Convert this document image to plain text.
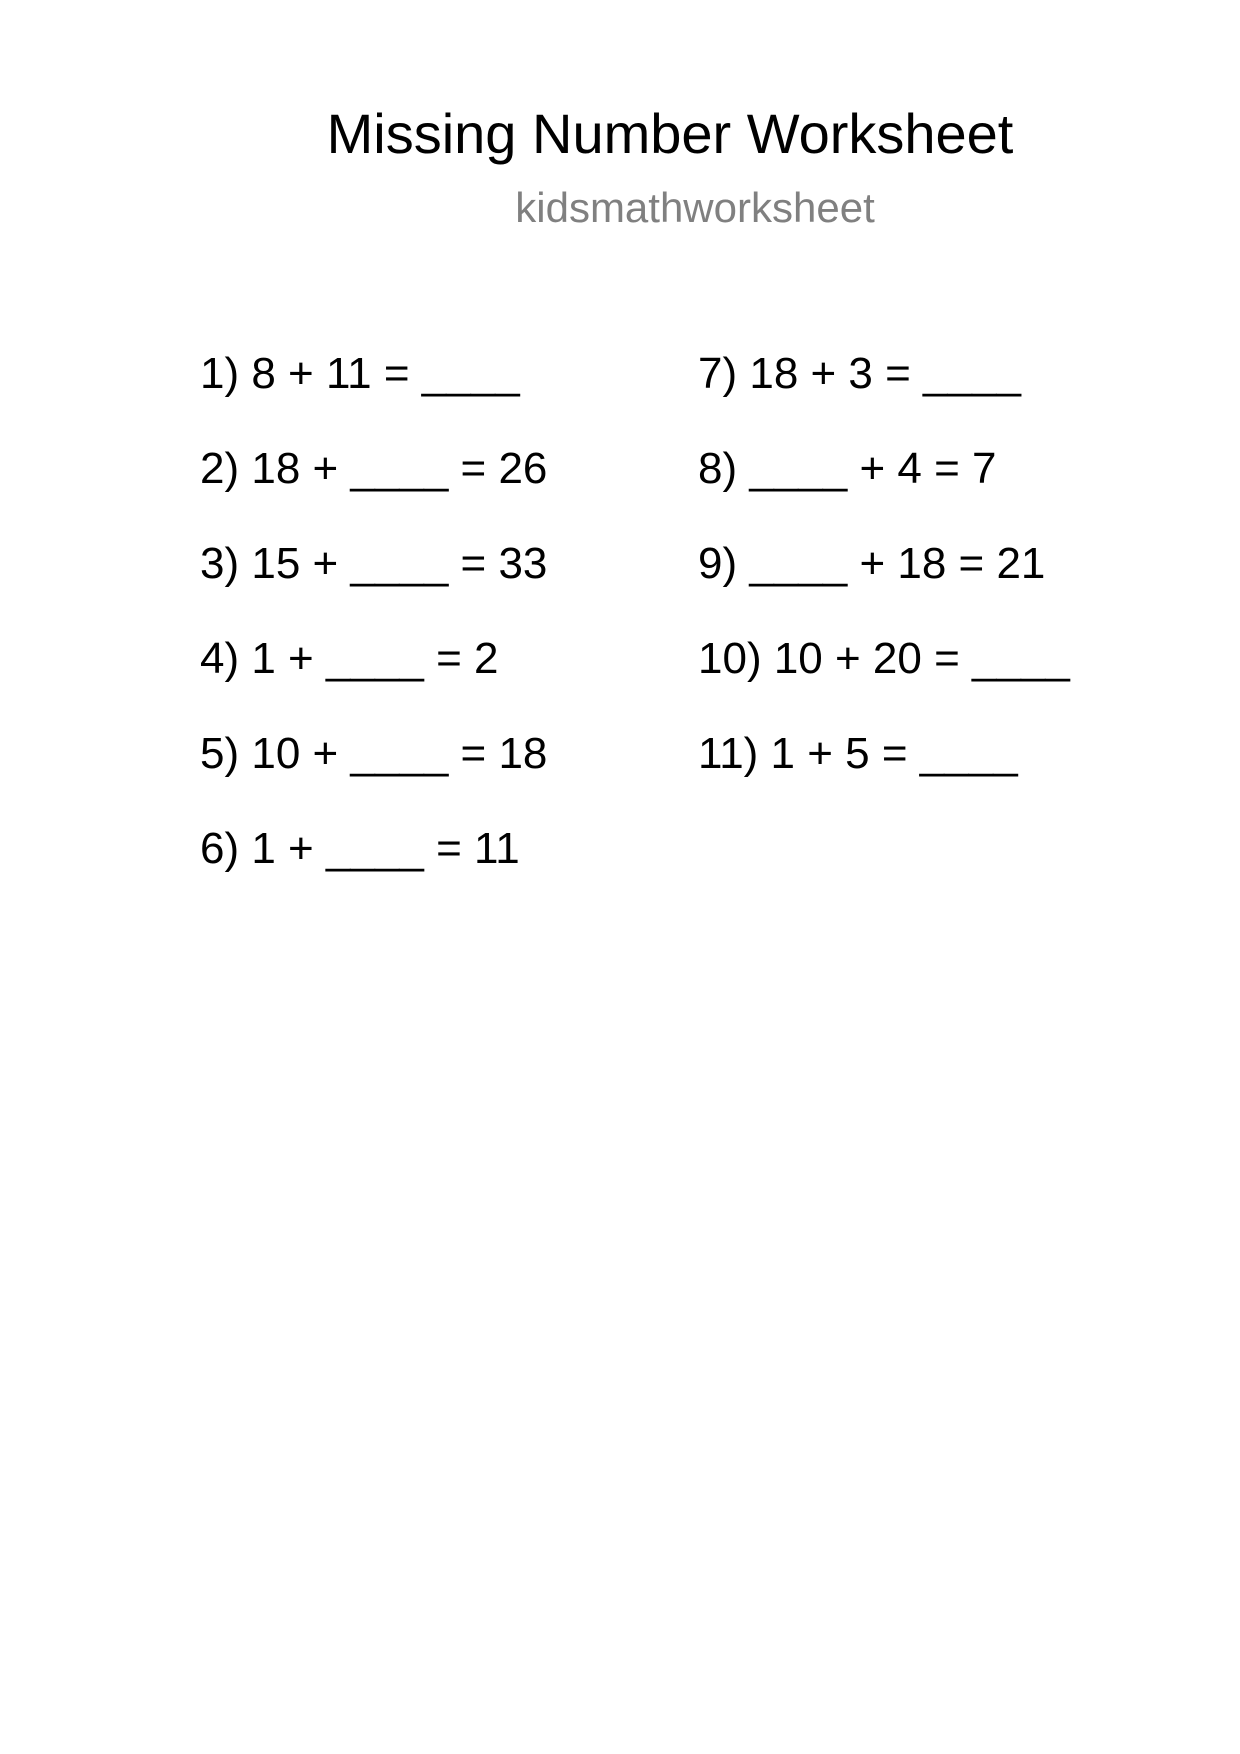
Missing Number Worksheet
kidsmathworksheet
1) 8 + 11 = ____
2) 18 + ____ = 26
3) 15 + ____ = 33
4) 1 + ____ = 2
5) 10 + ____ = 18
6) 1 + ____ = 11
7) 18 + 3 = ____
8) ____ + 4 = 7
9) ____ + 18 = 21
10) 10 + 20 = ____
11) 1 + 5 = ____
